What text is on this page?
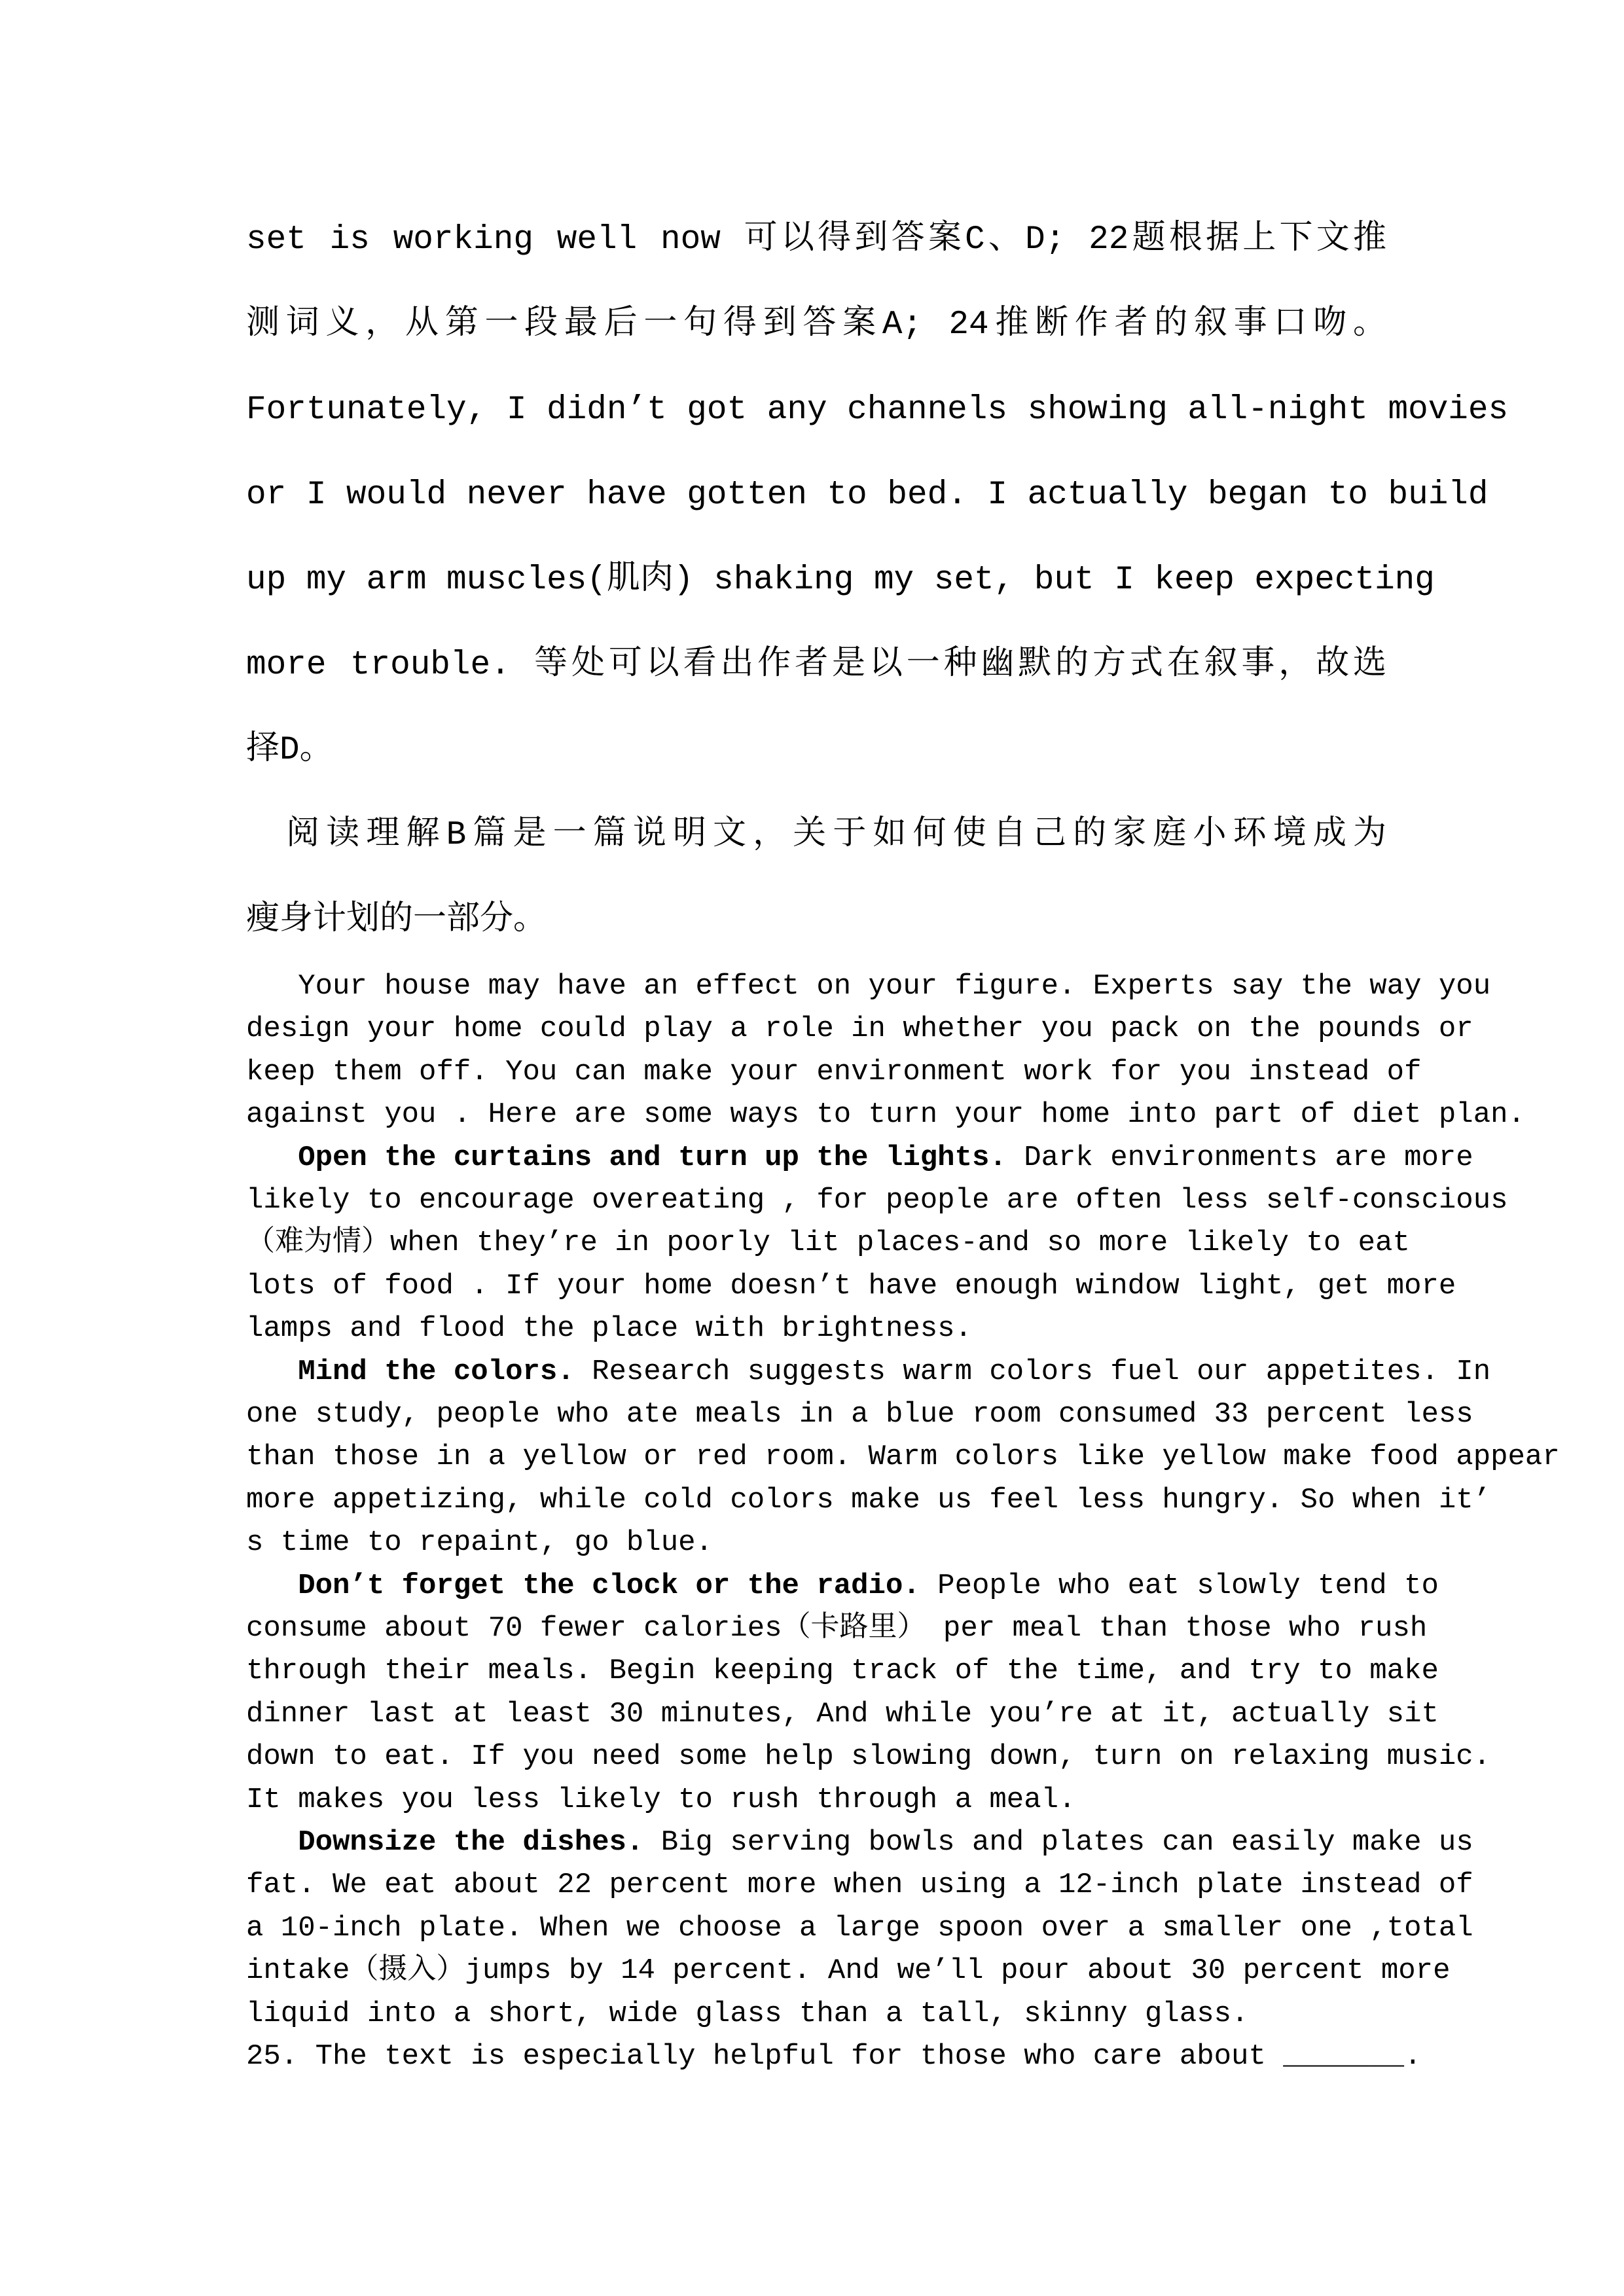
set is working well now 可以得到答案C、D; 22题根据上下文推
测词义，从第一段最后一句得到答案A; 24推断作者的叙事口吻。
Fortunately, I didn’t got any channels showing all-night movies
or I would never have gotten to bed. I actually began to build
up my arm muscles(肌肉) shaking my set, but I keep expecting
more trouble. 等处可以看出作者是以一种幽默的方式在叙事，故选
择D。
　阅读理解B篇是一篇说明文，关于如何使自己的家庭小环境成为
瘦身计划的一部分。
Your house may have an effect on your figure. Experts say the way you
design your home could play a role in whether you pack on the pounds or
keep them off. You can make your environment work for you instead of
against you . Here are some ways to turn your home into part of diet plan.
Open the curtains and turn up the lights. Dark environments are more
likely to encourage overeating , for people are often less self-conscious
（难为情）when they’re in poorly lit places-and so more likely to eat
lots of food . If your home doesn’t have enough window light, get more
lamps and flood the place with brightness.
Mind the colors. Research suggests warm colors fuel our appetites. In
one study, people who ate meals in a blue room consumed 33 percent less
than those in a yellow or red room. Warm colors like yellow make food appear
more appetizing, while cold colors make us feel less hungry. So when it’
s time to repaint, go blue.
Don’t forget the clock or the radio. People who eat slowly tend to
consume about 70 fewer calories（卡路里） per meal than those who rush
through their meals. Begin keeping track of the time, and try to make
dinner last at least 30 minutes, And while you’re at it, actually sit
down to eat. If you need some help slowing down, turn on relaxing music.
It makes you less likely to rush through a meal.
Downsize the dishes. Big serving bowls and plates can easily make us
fat. We eat about 22 percent more when using a 12-inch plate instead of
a 10-inch plate. When we choose a large spoon over a smaller one ,total
intake（摄入）jumps by 14 percent. And we’ll pour about 30 percent more
liquid into a short, wide glass than a tall, skinny glass.
25. The text is especially helpful for those who care about _______.
